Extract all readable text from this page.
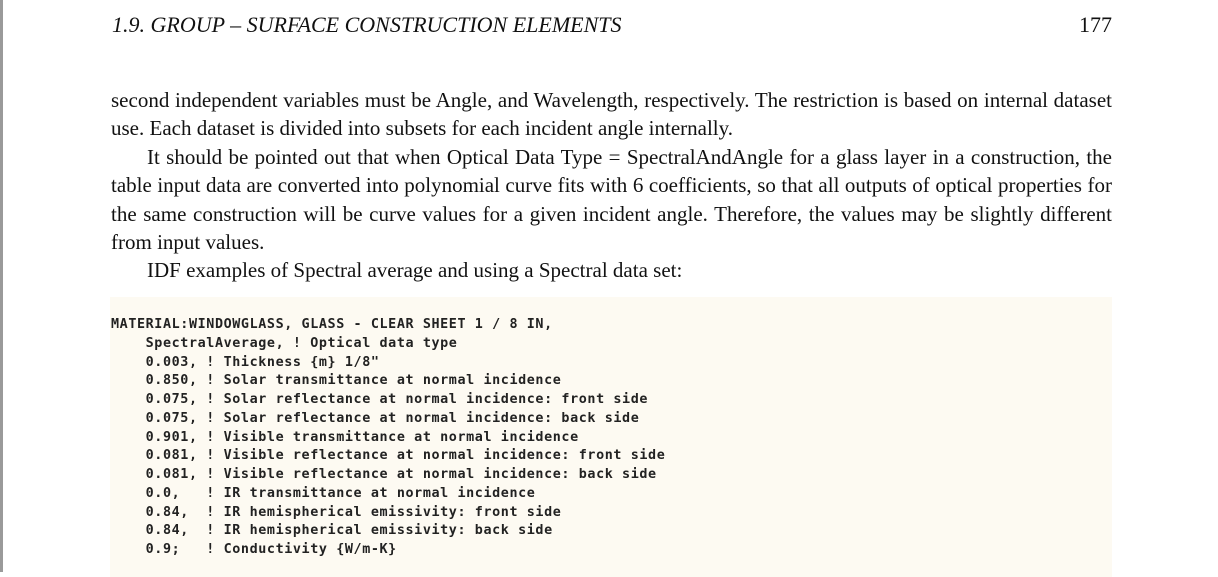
1.9. GROUP – SURFACE CONSTRUCTION ELEMENTS	177

second independent variables must be Angle, and Wavelength, respectively. The restriction is based on internal dataset use. Each dataset is divided into subsets for each incident angle internally.

It should be pointed out that when Optical Data Type = SpectralAndAngle for a glass layer in a construction, the table input data are converted into polynomial curve fits with 6 coefficients, so that all outputs of optical properties for the same construction will be curve values for a given incident angle. Therefore, the values may be slightly different from input values.

IDF examples of Spectral average and using a Spectral data set:

MATERIAL:WINDOWGLASS, GLASS - CLEAR SHEET 1 / 8 IN,
SpectralAverage, ! Optical data type
0.003, ! Thickness {m} 1/8"
0.850, ! Solar transmittance at normal incidence
0.075, ! Solar reflectance at normal incidence: front side
0.075, ! Solar reflectance at normal incidence: back side
0.901, ! Visible transmittance at normal incidence
0.081, ! Visible reflectance at normal incidence: front side
0.081, ! Visible reflectance at normal incidence: back side
0.0,   ! IR transmittance at normal incidence
0.84,  ! IR hemispherical emissivity: front side
0.84,  ! IR hemispherical emissivity: back side
0.9;   ! Conductivity {W/m-K}
